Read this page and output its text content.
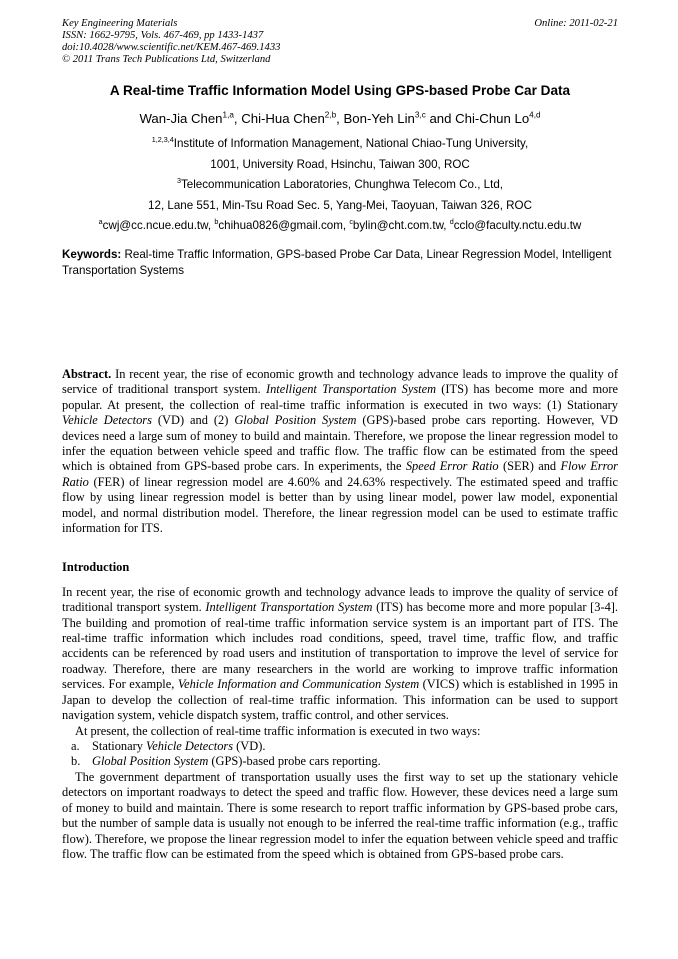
Key Engineering Materials
ISSN: 1662-9795, Vols. 467-469, pp 1433-1437
doi:10.4028/www.scientific.net/KEM.467-469.1433
© 2011 Trans Tech Publications Ltd, Switzerland
Online: 2011-02-21
A Real-time Traffic Information Model Using GPS-based Probe Car Data

Wan-Jia Chen$^{1,a}$, Chi-Hua Chen$^{2,b}$, Bon-Yeh Lin$^{3,c}$ and Chi-Chun Lo$^{4,d}$

$^{1,2,3,4}$Institute of Information Management, National Chiao-Tung University,

1001, University Road, Hsinchu, Taiwan 300, ROC

$^3$Telecommunication Laboratories, Chunghwa Telecom Co., Ltd,

12, Lane 551, Min-Tsu Road Sec. 5, Yang-Mei, Taoyuan, Taiwan 326, ROC

$^a$cwj@cc.ncue.edu.tw, $^b$chihua0826@gmail.com, $^c$bylin@cht.com.tw, $^d$cclo@faculty.nctu.edu.tw

Keywords: Real-time Traffic Information, GPS-based Probe Car Data, Linear Regression Model, Intelligent Transportation Systems

Abstract. In recent year, the rise of economic growth and technology advance leads to improve the quality of service of traditional transport system. Intelligent Transportation System (ITS) has become more and more popular. At present, the collection of real-time traffic information is executed in two ways: (1) Stationary Vehicle Detectors (VD) and (2) Global Position System (GPS)-based probe cars reporting. However, VD devices need a large sum of money to build and maintain. Therefore, we propose the linear regression model to infer the equation between vehicle speed and traffic flow. The traffic flow can be estimated from the speed which is obtained from GPS-based probe cars. In experiments, the Speed Error Ratio (SER) and Flow Error Ratio (FER) of linear regression model are 4.60% and 24.63% respectively. The estimated speed and traffic flow by using linear regression model is better than by using linear model, power law model, exponential model, and normal distribution model. Therefore, the linear regression model can be used to estimate traffic information for ITS.

Introduction

In recent year, the rise of economic growth and technology advance leads to improve the quality of service of traditional transport system. Intelligent Transportation System (ITS) has become more and more popular [3-4]. The building and promotion of real-time traffic information service system is an important part of ITS. The real-time traffic information which includes road conditions, speed, travel time, traffic flow, and traffic accidents can be referenced by road users and institution of transportation to improve the level of service for roadway. Therefore, there are many researchers in the world are working to improve traffic information services. For example, Vehicle Information and Communication System (VICS) which is established in 1995 in Japan to develop the collection of real-time traffic information. This information can be used to support navigation system, vehicle dispatch system, traffic control, and other services.

At present, the collection of real-time traffic information is executed in two ways:

a. Stationary Vehicle Detectors (VD).
b. Global Position System (GPS)-based probe cars reporting.

The government department of transportation usually uses the first way to set up the stationary vehicle detectors on important roadways to detect the speed and traffic flow. However, these devices need a large sum of money to build and maintain. There is some research to report traffic information by GPS-based probe cars, but the number of sample data is usually not enough to be inferred the real-time traffic information (e.g., traffic flow). Therefore, we propose the linear regression model to infer the equation between vehicle speed and traffic flow. The traffic flow can be estimated from the speed which is obtained from GPS-based probe cars.
